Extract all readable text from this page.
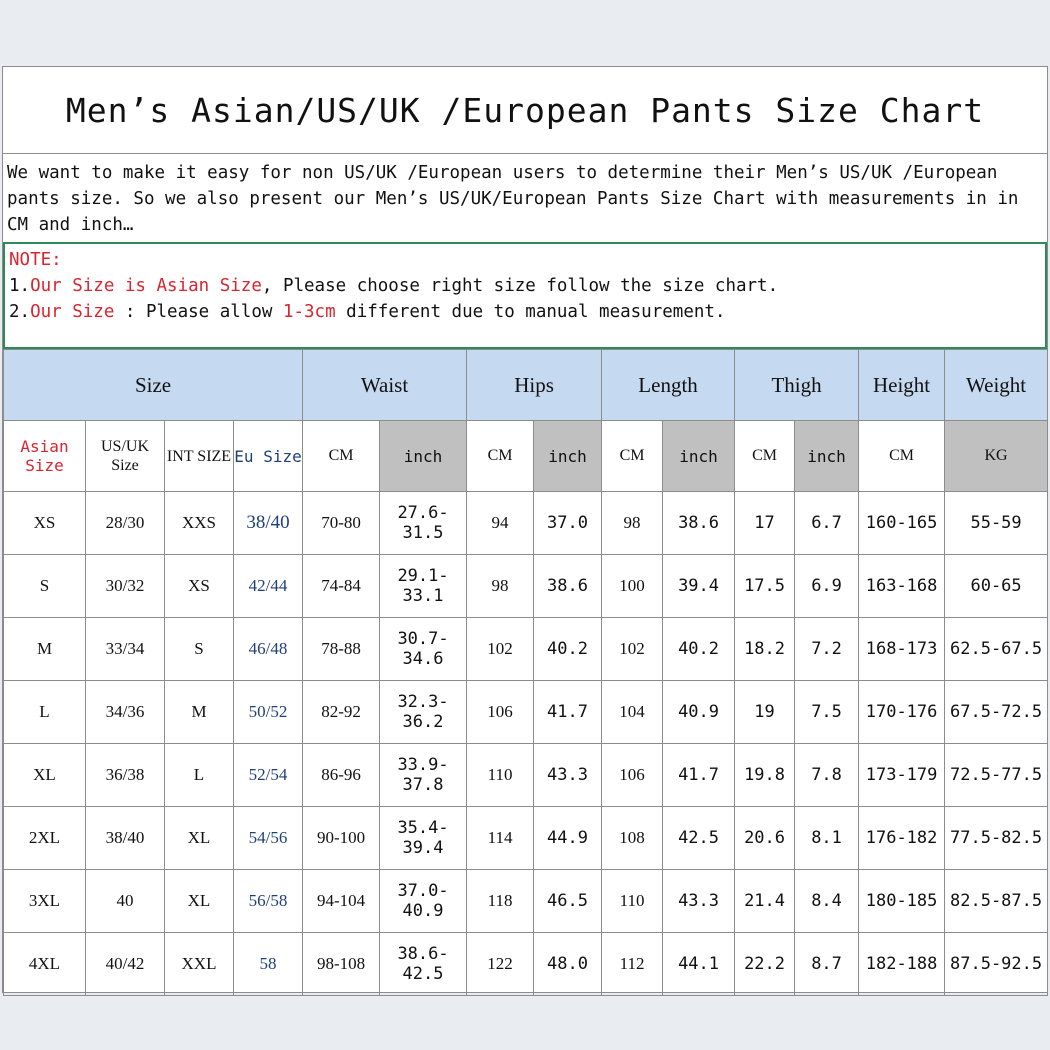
Men’s Asian/US/UK /European Pants Size Chart
We want to make it easy for non US/UK /European users to determine their Men’s US/UK /European
pants size. So we also present our Men’s US/UK/European Pants Size Chart with measurements in in
CM and inch…
NOTE:
1.Our Size is Asian Size, Please choose right size follow the size chart.
2.Our Size : Please allow 1-3cm different due to manual measurement.
Size				Waist		Hips		Length		Thigh		Height	Weight
Asian Size	US/UK Size	INT SIZE	Eu Size	CM	inch	CM	inch	CM	inch	CM	inch	CM	KG
XS	28/30	XXS	38/40	70-80	27.6-31.5	94	37.0	98	38.6	17	6.7	160-165	55-59
S	30/32	XS	42/44	74-84	29.1-33.1	98	38.6	100	39.4	17.5	6.9	163-168	60-65
M	33/34	S	46/48	78-88	30.7-34.6	102	40.2	102	40.2	18.2	7.2	168-173	62.5-67.5
L	34/36	M	50/52	82-92	32.3-36.2	106	41.7	104	40.9	19	7.5	170-176	67.5-72.5
XL	36/38	L	52/54	86-96	33.9-37.8	110	43.3	106	41.7	19.8	7.8	173-179	72.5-77.5
2XL	38/40	XL	54/56	90-100	35.4-39.4	114	44.9	108	42.5	20.6	8.1	176-182	77.5-82.5
3XL	40	XL	56/58	94-104	37.0-40.9	118	46.5	110	43.3	21.4	8.4	180-185	82.5-87.5
4XL	40/42	XXL	58	98-108	38.6-42.5	122	48.0	112	44.1	22.2	8.7	182-188	87.5-92.5
